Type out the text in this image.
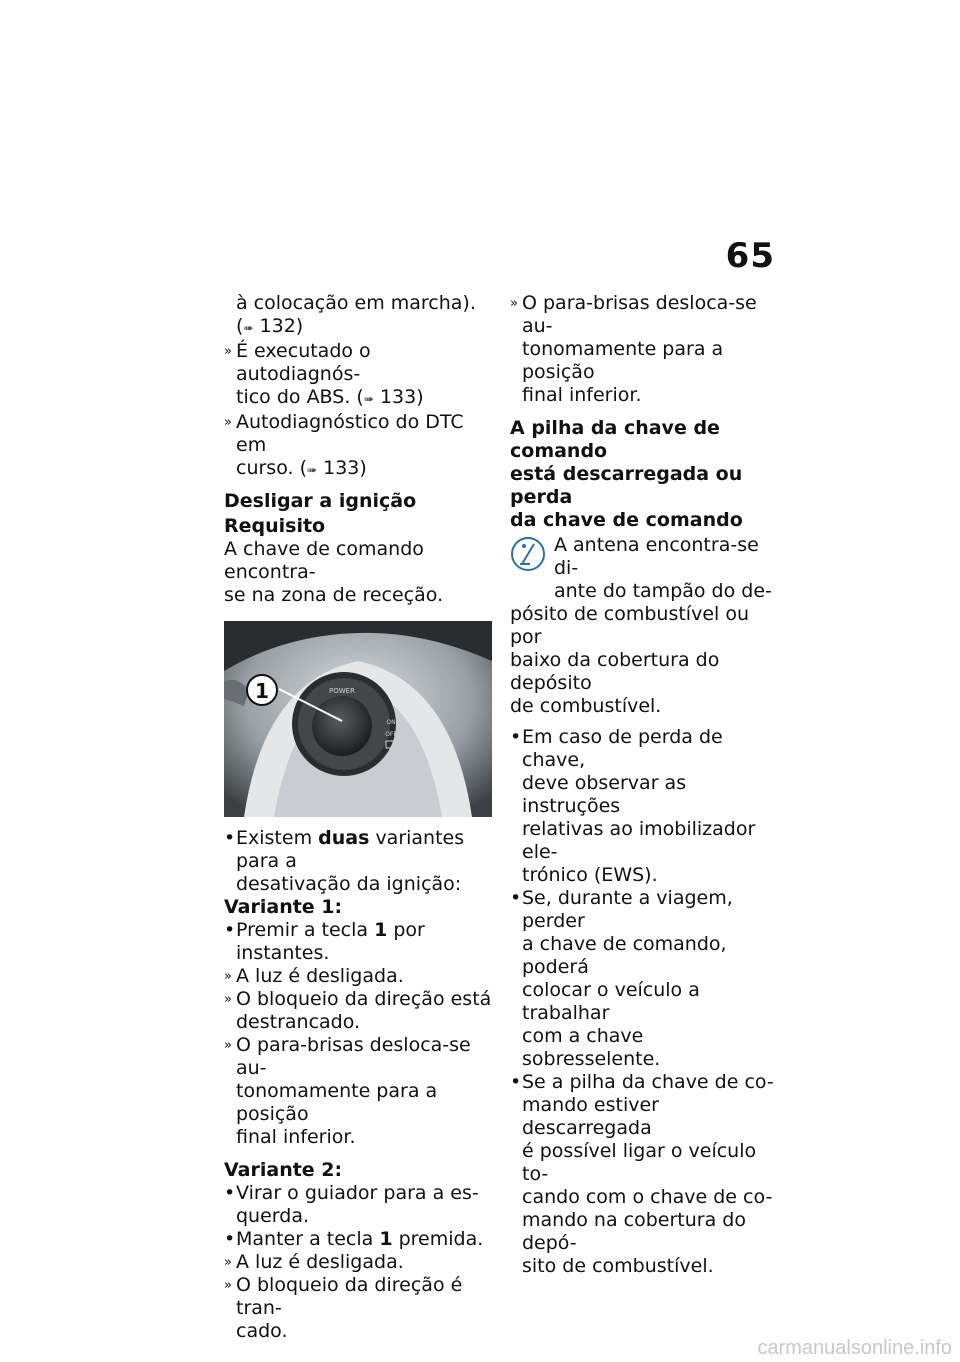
65

à colocação em marcha).

(➠ 132)

» É executado o autodiagnós-
tico do ABS. (➠ 133)
» Autodiagnóstico do DTC em
curso. (➠ 133)

Desligar a ignição

Requisito

A chave de comando encontra-
se na zona de receção.

POWER
ON
OFF
1
• Existem duas variantes para a
desativação da ignição:

Variante 1:

• Premir a tecla 1 por instantes.
» A luz é desligada.
» O bloqueio da direção está
destrancado.
» O para-brisas desloca-se au-
tonomamente para a posição
final inferior.

Variante 2:

• Virar o guiador para a es-
querda.
• Manter a tecla 1 premida.
» A luz é desligada.
» O bloqueio da direção é tran-
cado.
» O para-brisas desloca-se au-
tonomamente para a posição
final inferior.

A pilha da chave de comando
está descarregada ou perda
da chave de comando

A antena encontra-se di-
ante do tampão do de-
pósito de combustível ou por
baixo da cobertura do depósito
de combustível.
• Em caso de perda de chave,
deve observar as instruções
relativas ao imobilizador ele-
trónico (EWS).
• Se, durante a viagem, perder
a chave de comando, poderá
colocar o veículo a trabalhar
com a chave sobresselente.
• Se a pilha da chave de co-
mando estiver descarregada
é possível ligar o veículo to-
cando com o chave de co-
mando na cobertura do depó-
sito de combustível.
carmanualsonline.info
